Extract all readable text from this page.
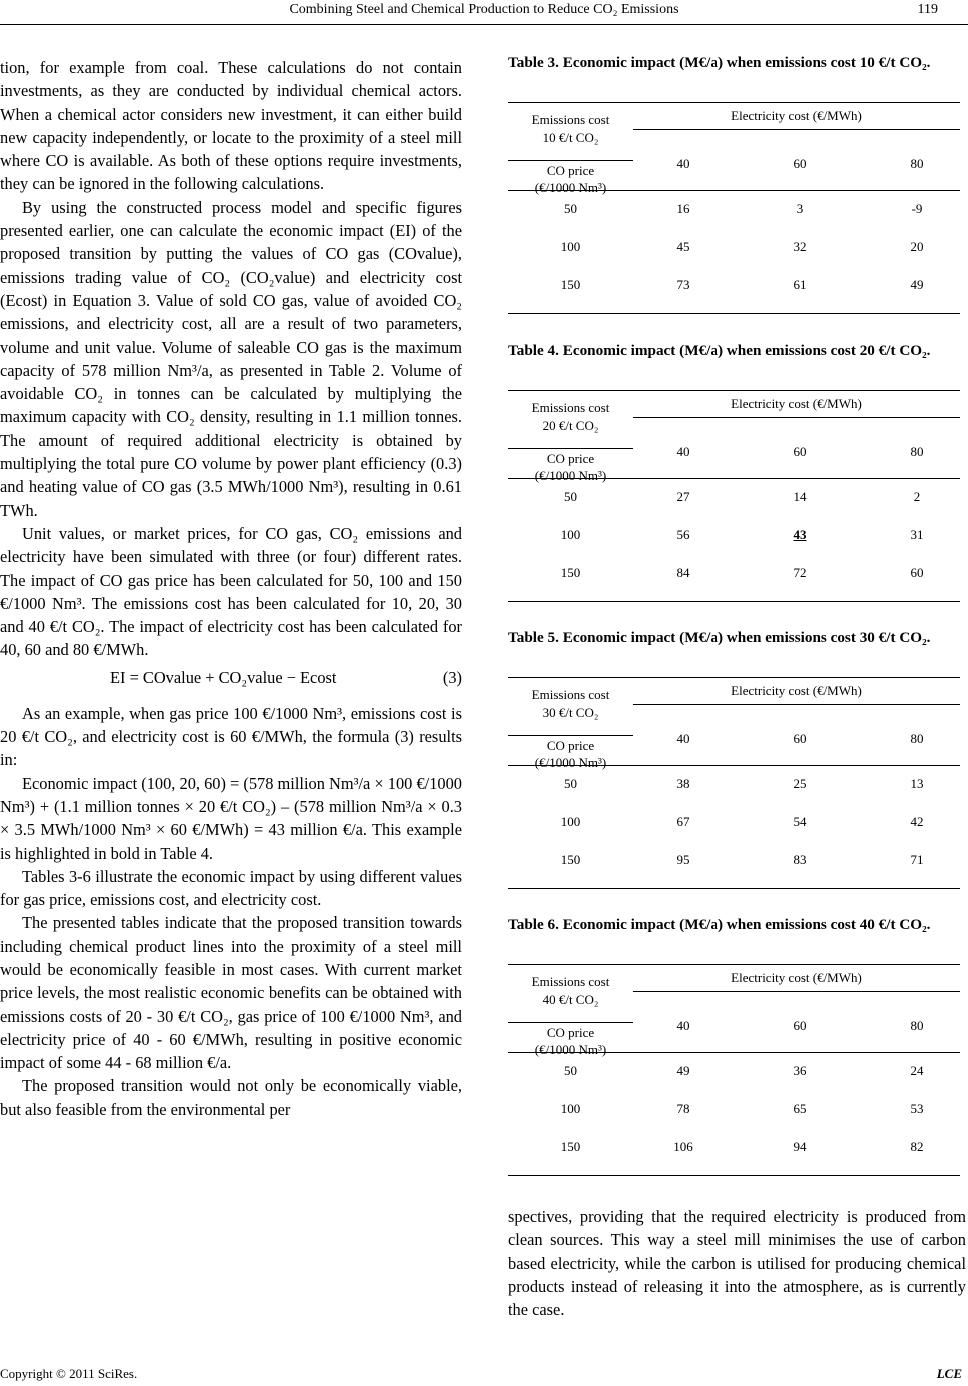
Combining Steel and Chemical Production to Reduce CO₂ Emissions	119

tion, for example from coal. These calculations do not contain investments, as they are conducted by individual chemical actors. When a chemical actor considers new investment, it can either build new capacity independently, or locate to the proximity of a steel mill where CO is available. As both of these options require investments, they can be ignored in the following calculations.

By using the constructed process model and specific figures presented earlier, one can calculate the economic impact (EI) of the proposed transition by putting the values of CO gas (COvalue), emissions trading value of CO₂ (CO₂value) and electricity cost (Ecost) in Equation 3. Value of sold CO gas, value of avoided CO₂ emissions, and electricity cost, all are a result of two parameters, volume and unit value. Volume of saleable CO gas is the maximum capacity of 578 million Nm³/a, as presented in Table 2. Volume of avoidable CO₂ in tonnes can be calculated by multiplying the maximum capacity with CO₂ density, resulting in 1.1 million tonnes. The amount of required additional electricity is obtained by multiplying the total pure CO volume by power plant efficiency (0.3) and heating value of CO gas (3.5 MWh/1000 Nm³), resulting in 0.61 TWh.

Unit values, or market prices, for CO gas, CO₂ emissions and electricity have been simulated with three (or four) different rates. The impact of CO gas price has been calculated for 50, 100 and 150 €/1000 Nm³. The emissions cost has been calculated for 10, 20, 30 and 40 €/t CO₂. The impact of electricity cost has been calculated for 40, 60 and 80 €/MWh.

EI = COvalue + CO₂value − Ecost	(3)

As an example, when gas price 100 €/1000 Nm³, emissions cost is 20 €/t CO₂, and electricity cost is 60 €/MWh, the formula (3) results in:

Economic impact (100, 20, 60) = (578 million Nm³/a × 100 €/1000 Nm³) + (1.1 million tonnes × 20 €/t CO₂) – (578 million Nm³/a × 0.3 × 3.5 MWh/1000 Nm³ × 60 €/MWh) = 43 million €/a. This example is highlighted in bold in Table 4.

Tables 3-6 illustrate the economic impact by using different values for gas price, emissions cost, and electricity cost.

The presented tables indicate that the proposed transition towards including chemical product lines into the proximity of a steel mill would be economically feasible in most cases. With current market price levels, the most realistic economic benefits can be obtained with emissions costs of 20 - 30 €/t CO₂, gas price of 100 €/1000 Nm³, and electricity price of 40 - 60 €/MWh, resulting in positive economic impact of some 44 - 68 million €/a.

The proposed transition would not only be economically viable, but also feasible from the environmental per

Table 3. Economic impact (M€/a) when emissions cost 10 €/t CO₂.

Electricity cost (€/MWh)
Emissions cost
10 €/t CO₂
CO price
(€/1000 Nm³)
40	60	80
50	16	3	-9
100	45	32	20
150	73	61	49

Table 4. Economic impact (M€/a) when emissions cost 20 €/t CO₂.

Electricity cost (€/MWh)
Emissions cost
20 €/t CO₂
CO price
(€/1000 Nm³)
40	60	80
50	27	14	2
100	56	43	31
150	84	72	60

Table 5. Economic impact (M€/a) when emissions cost 30 €/t CO₂.

Electricity cost (€/MWh)
Emissions cost
30 €/t CO₂
CO price
(€/1000 Nm³)
40	60	80
50	38	25	13
100	67	54	42
150	95	83	71

Table 6. Economic impact (M€/a) when emissions cost 40 €/t CO₂.

Electricity cost (€/MWh)
Emissions cost
40 €/t CO₂
CO price
(€/1000 Nm³)
40	60	80
50	49	36	24
100	78	65	53
150	106	94	82

spectives, providing that the required electricity is produced from clean sources. This way a steel mill minimises the use of carbon based electricity, while the carbon is utilised for producing chemical products instead of releasing it into the atmosphere, as is currently the case.

Copyright © 2011 SciRes.	LCE
